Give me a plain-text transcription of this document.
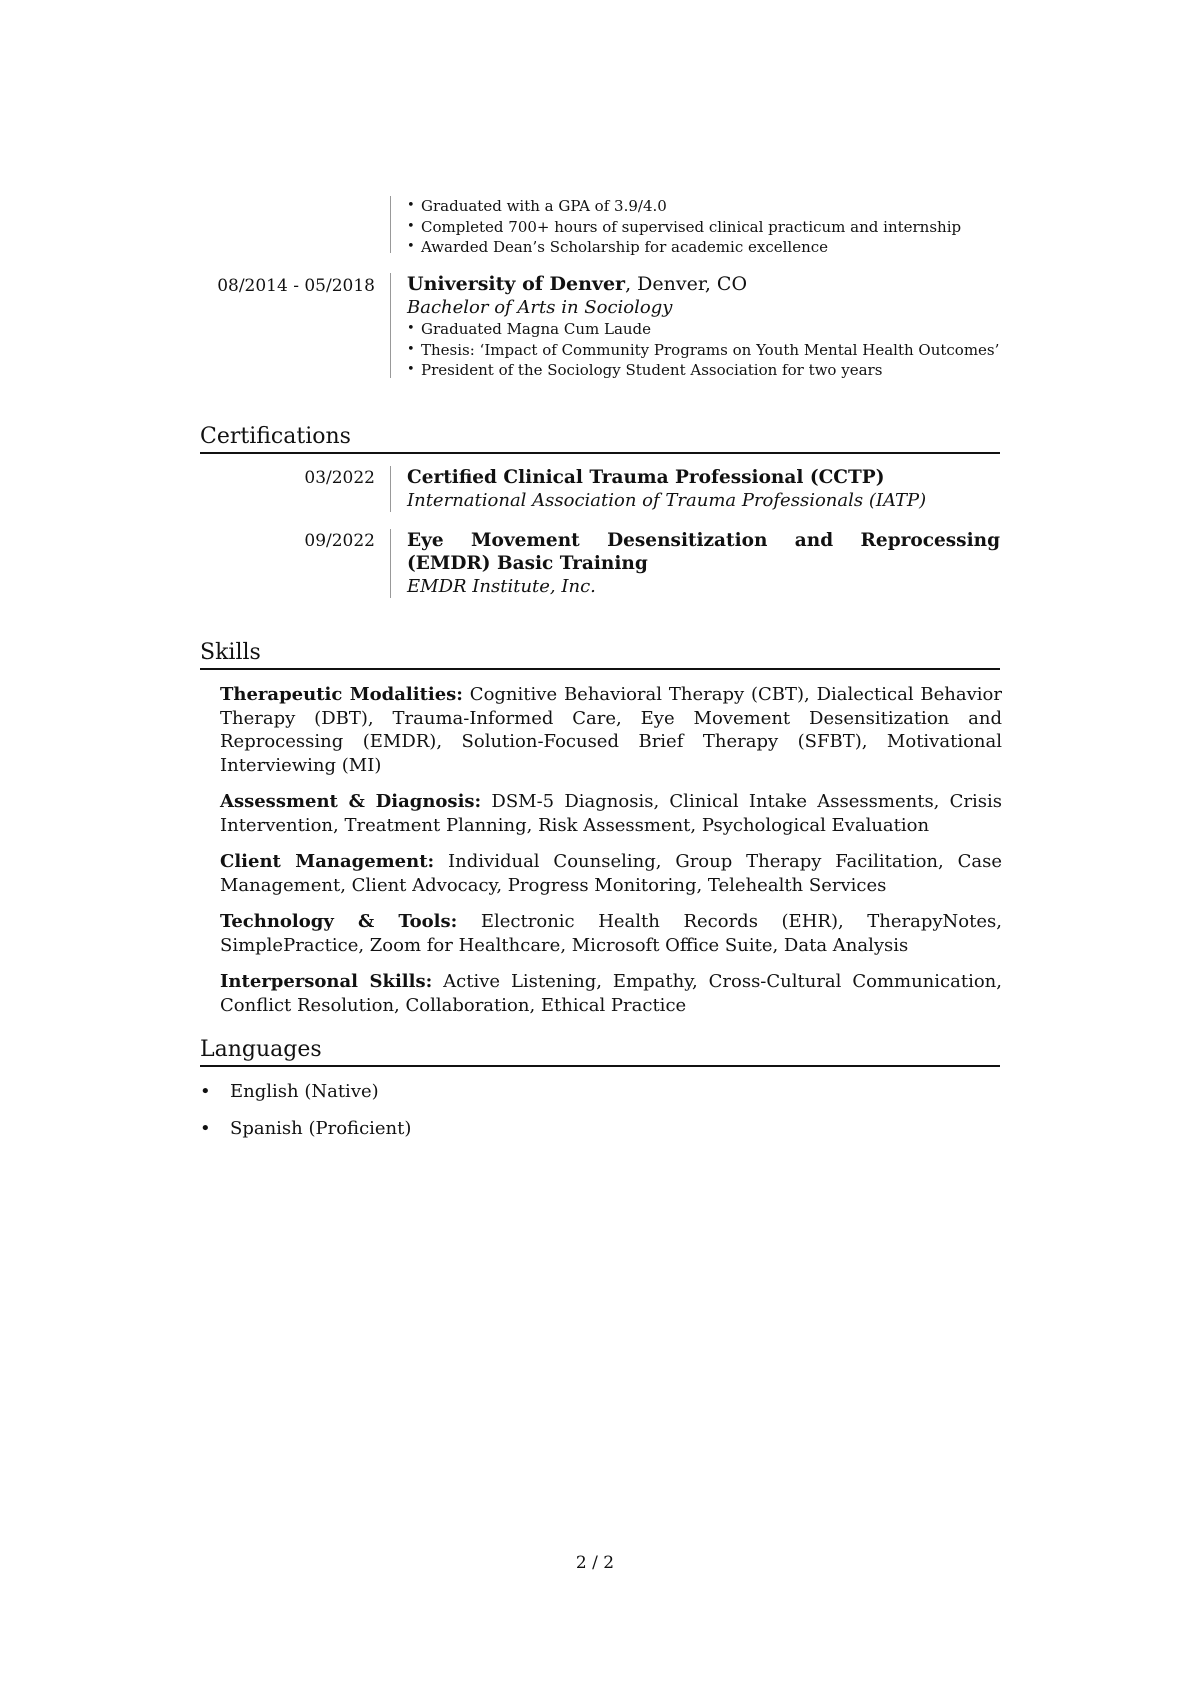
• Graduated with a GPA of 3.9/4.0
• Completed 700+ hours of supervised clinical practicum and internship
• Awarded Dean’s Scholarship for academic excellence
08/2014 - 05/2018 University of Denver, Denver, CO
Bachelor of Arts in Sociology
• Graduated Magna Cum Laude
• Thesis: ‘Impact of Community Programs on Youth Mental Health Outcomes’
• President of the Sociology Student Association for two years
Certifications
03/2022 Certified Clinical Trauma Professional (CCTP)
International Association of Trauma Professionals (IATP)
09/2022 Eye Movement Desensitization and Reprocessing (EMDR) Basic Training
EMDR Institute, Inc.
Skills

Therapeutic Modalities: Cognitive Behavioral Therapy (CBT), Dialectical Behavior Therapy (DBT), Trauma-Informed Care, Eye Movement Desensitization and Reprocessing (EMDR), Solution-Focused Brief Therapy (SFBT), Motivational Interviewing (MI)

Assessment & Diagnosis: DSM-5 Diagnosis, Clinical Intake Assessments, Crisis Intervention, Treatment Planning, Risk Assessment, Psychological Evaluation

Client Management: Individual Counseling, Group Therapy Facilitation, Case Management, Client Advocacy, Progress Monitoring, Telehealth Services

Technology & Tools: Electronic Health Records (EHR), TherapyNotes, SimplePractice, Zoom for Healthcare, Microsoft Office Suite, Data Analysis

Interpersonal Skills: Active Listening, Empathy, Cross-Cultural Communication, Conflict Resolution, Collaboration, Ethical Practice

Languages
• English (Native)
• Spanish (Proficient)
2 / 2
